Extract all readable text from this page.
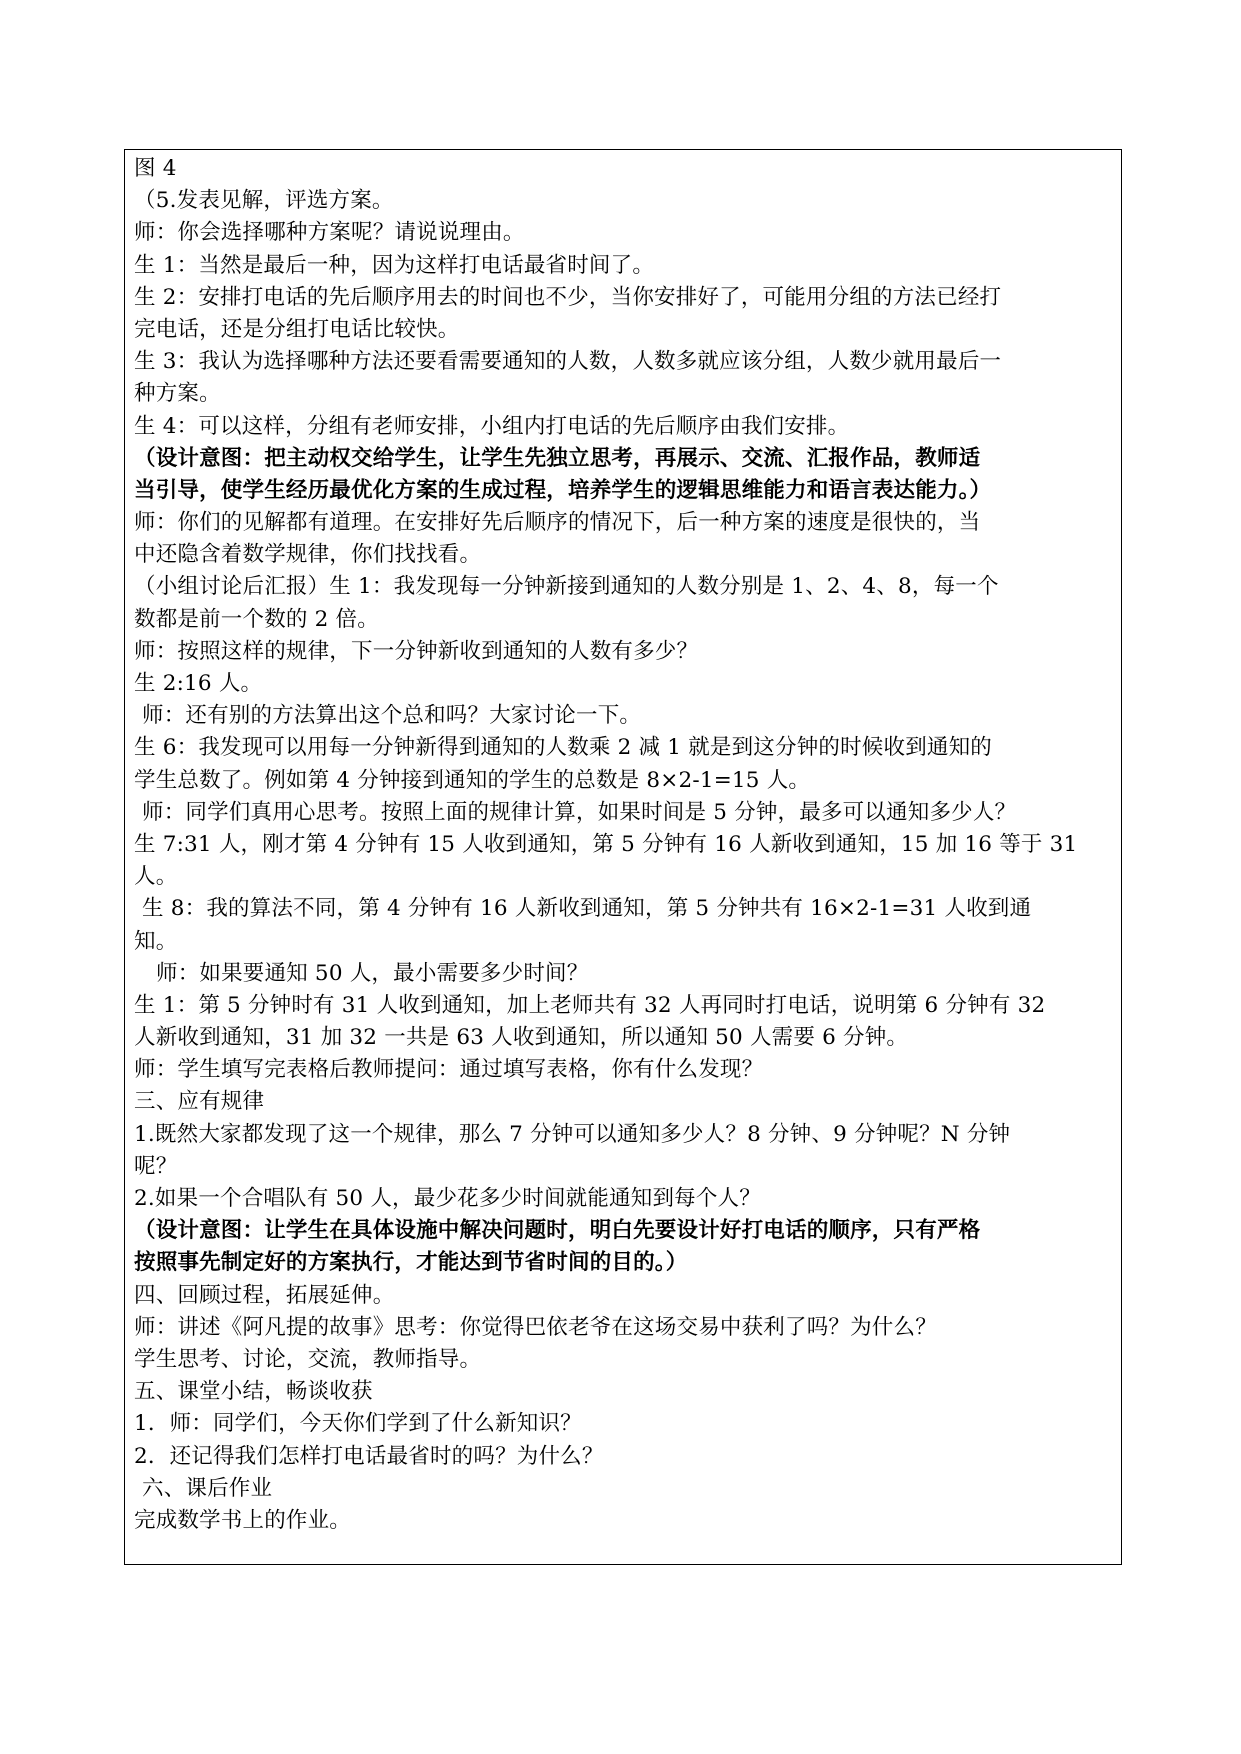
图 4
（5.发表见解，评选方案。
师：你会选择哪种方案呢？请说说理由。
生 1：当然是最后一种，因为这样打电话最省时间了。
生 2：安排打电话的先后顺序用去的时间也不少，当你安排好了，可能用分组的方法已经打
完电话，还是分组打电话比较快。
生 3：我认为选择哪种方法还要看需要通知的人数，人数多就应该分组，人数少就用最后一
种方案。
生 4：可以这样，分组有老师安排，小组内打电话的先后顺序由我们安排。
（设计意图：把主动权交给学生，让学生先独立思考，再展示、交流、汇报作品，教师适
当引导，使学生经历最优化方案的生成过程，培养学生的逻辑思维能力和语言表达能力。）
师：你们的见解都有道理。在安排好先后顺序的情况下，后一种方案的速度是很快的，当
中还隐含着数学规律，你们找找看。
（小组讨论后汇报）生 1：我发现每一分钟新接到通知的人数分别是 1、2、4、8，每一个
数都是前一个数的 2 倍。
师：按照这样的规律，下一分钟新收到通知的人数有多少？
生 2:16 人。
师：还有别的方法算出这个总和吗？大家讨论一下。
生 6：我发现可以用每一分钟新得到通知的人数乘 2 减 1 就是到这分钟的时候收到通知的
学生总数了。例如第 4 分钟接到通知的学生的总数是 8×2-1=15 人。
师：同学们真用心思考。按照上面的规律计算，如果时间是 5 分钟，最多可以通知多少人？
生 7:31 人，刚才第 4 分钟有 15 人收到通知，第 5 分钟有 16 人新收到通知，15 加 16 等于 31
人。
生 8：我的算法不同，第 4 分钟有 16 人新收到通知，第 5 分钟共有 16×2-1=31 人收到通
知。
师：如果要通知 50 人，最小需要多少时间？
生 1：第 5 分钟时有 31 人收到通知，加上老师共有 32 人再同时打电话，说明第 6 分钟有 32
人新收到通知，31 加 32 一共是 63 人收到通知，所以通知 50 人需要 6 分钟。
师：学生填写完表格后教师提问：通过填写表格，你有什么发现？
三、应有规律
1.既然大家都发现了这一个规律，那么 7 分钟可以通知多少人？8 分钟、9 分钟呢？N 分钟
呢？
2.如果一个合唱队有 50 人，最少花多少时间就能通知到每个人？
（设计意图：让学生在具体设施中解决问题时，明白先要设计好打电话的顺序，只有严格
按照事先制定好的方案执行，才能达到节省时间的目的。）
四、回顾过程，拓展延伸。
师：讲述《阿凡提的故事》思考：你觉得巴依老爷在这场交易中获利了吗？为什么？
学生思考、讨论，交流，教师指导。
五、课堂小结，畅谈收获
1．师：同学们，今天你们学到了什么新知识？
2．还记得我们怎样打电话最省时的吗？为什么？
六、课后作业
完成数学书上的作业。
